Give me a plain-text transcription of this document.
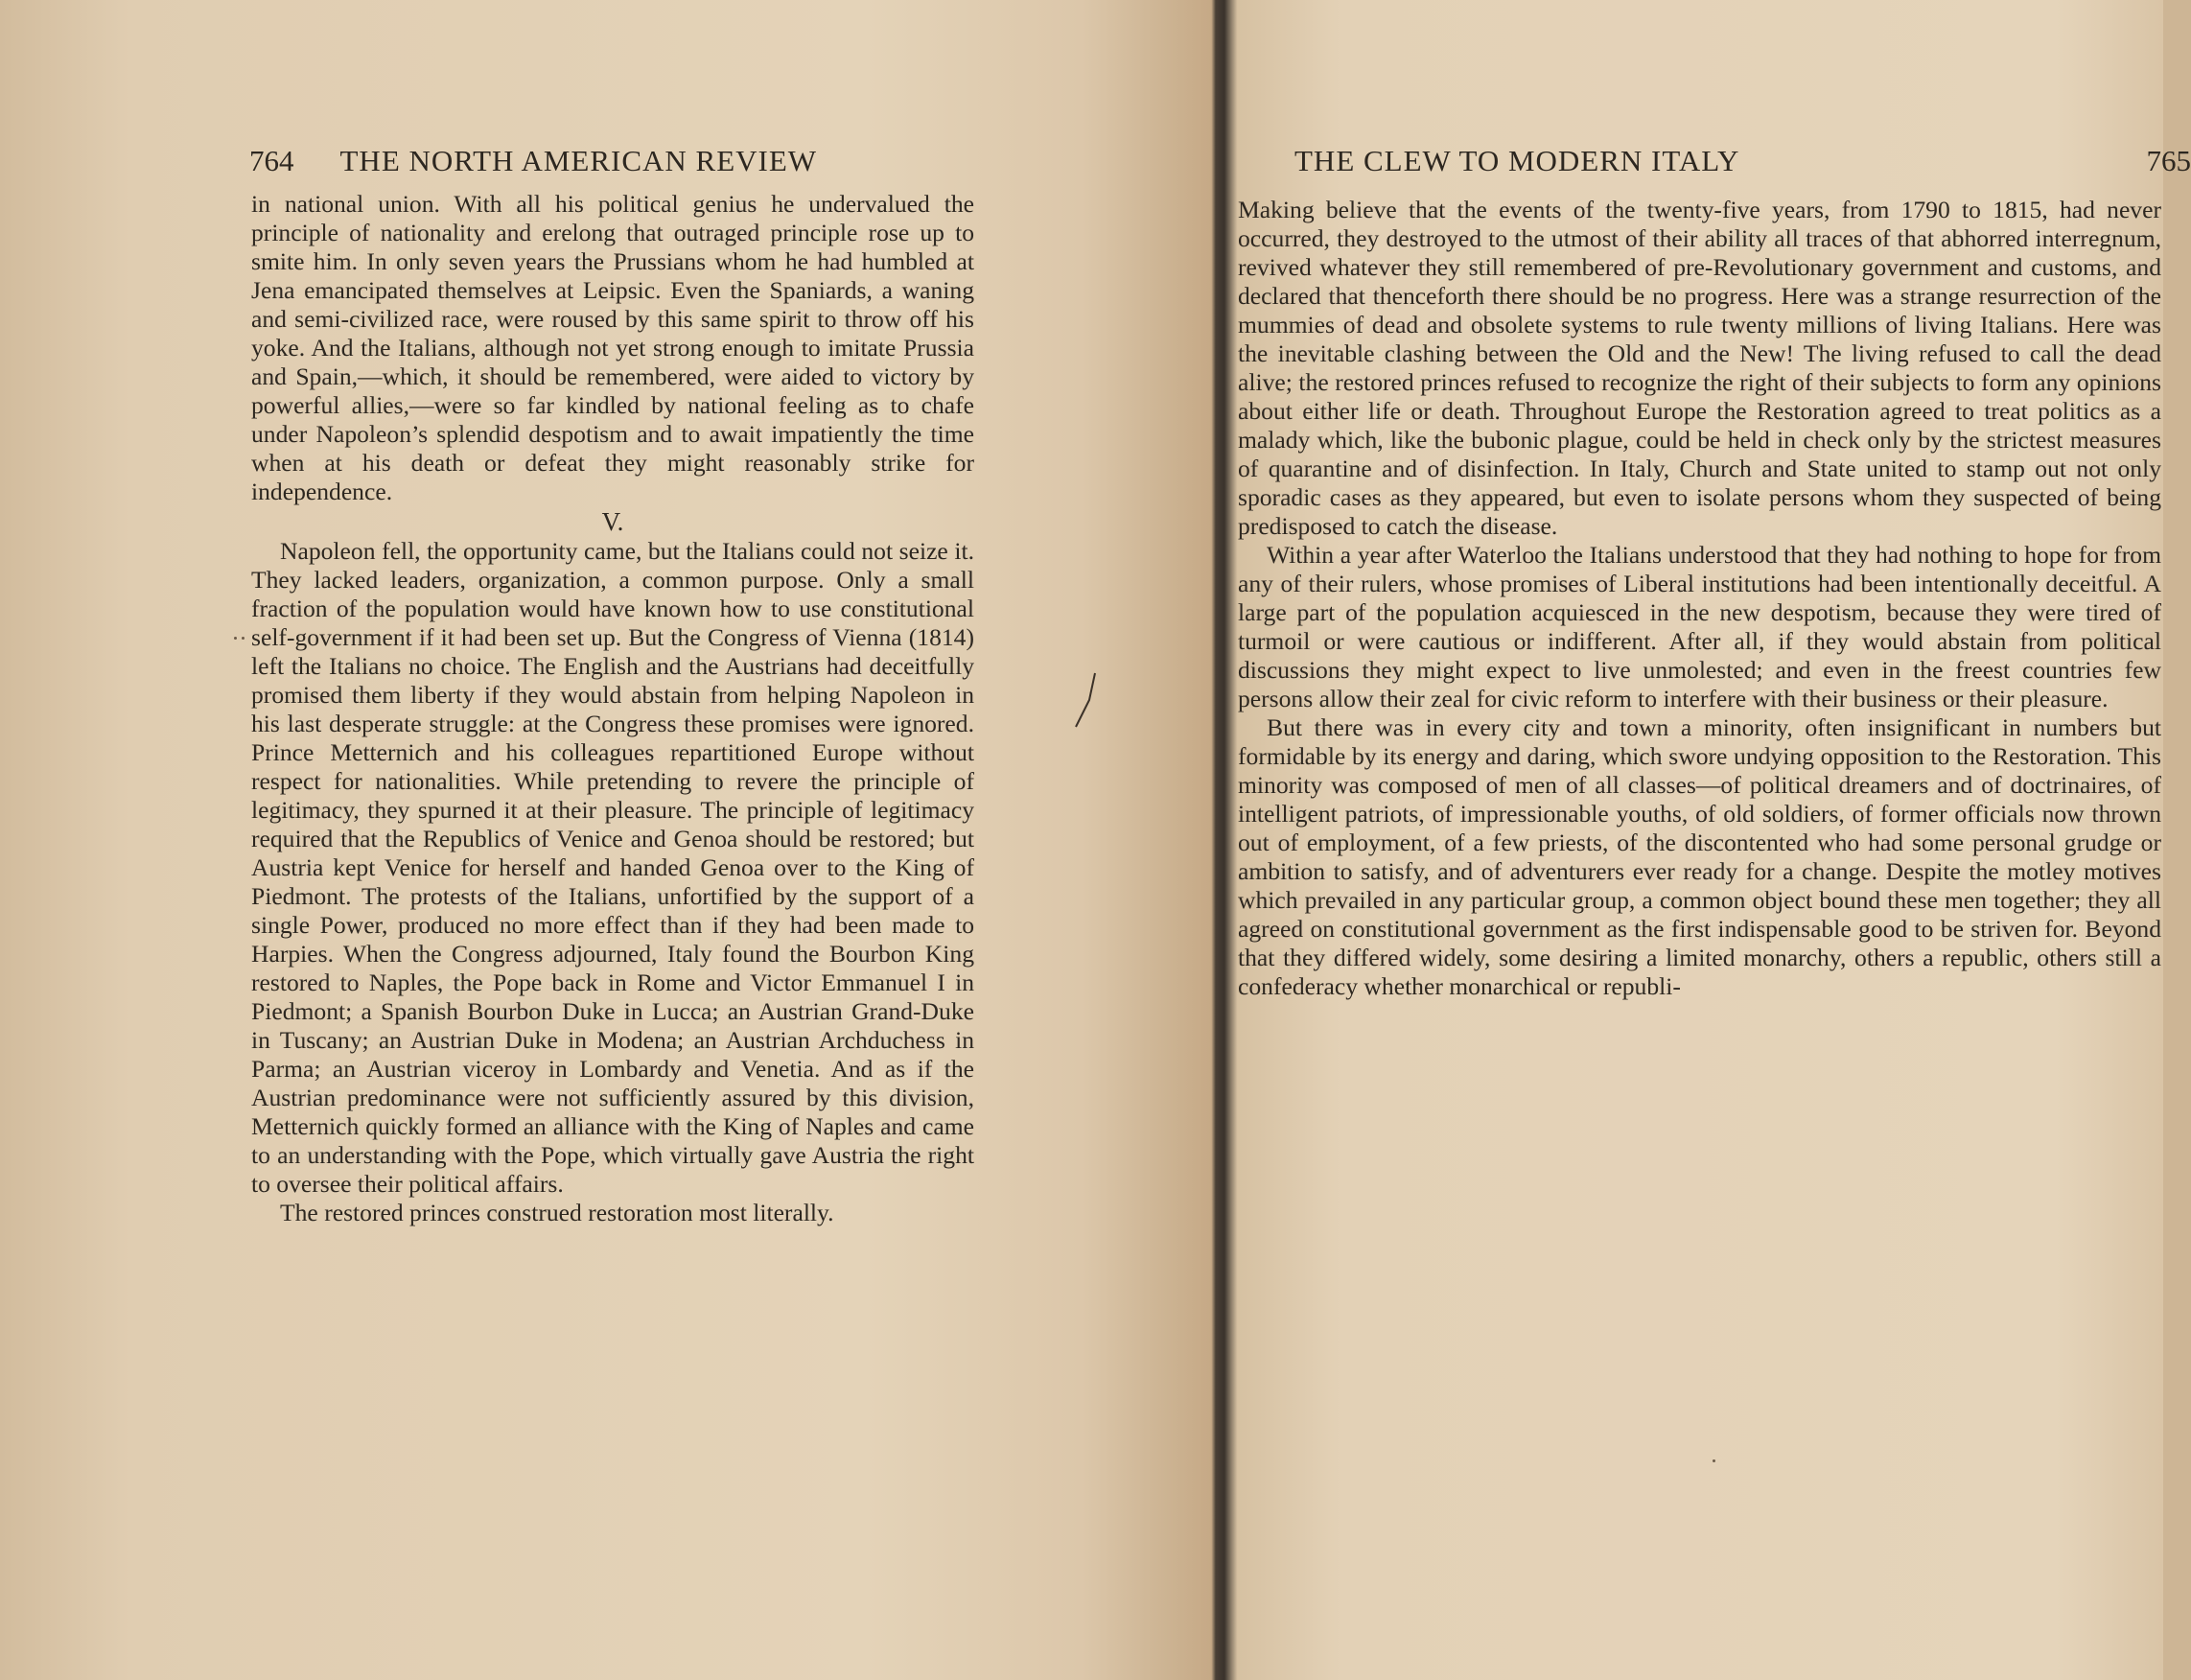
764 THE NORTH AMERICAN REVIEW

in national union. With all his political genius he undervalued the principle of nationality and erelong that outraged principle rose up to smite him. In only seven years the Prussians whom he had humbled at Jena emancipated themselves at Leipsic. Even the Spaniards, a waning and semi-civilized race, were roused by this same spirit to throw off his yoke. And the Italians, although not yet strong enough to imitate Prussia and Spain,—which, it should be remembered, were aided to victory by powerful allies,—were so far kindled by national feeling as to chafe under Napoleon’s splendid despotism and to await impatiently the time when at his death or defeat they might reasonably strike for independence.

V.

Napoleon fell, the opportunity came, but the Italians could not seize it. They lacked leaders, organization, a common purpose. Only a small fraction of the population would have known how to use constitutional self-government if it had been set up. But the Congress of Vienna (1814) left the Italians no choice. The English and the Austrians had deceitfully promised them liberty if they would abstain from helping Napoleon in his last desperate struggle: at the Congress these promises were ignored. Prince Metternich and his colleagues repartitioned Europe without respect for nationalities. While pretending to revere the principle of legitimacy, they spurned it at their pleasure. The principle of legitimacy required that the Republics of Venice and Genoa should be restored; but Austria kept Venice for herself and handed Genoa over to the King of Piedmont. The protests of the Italians, unfortified by the support of a single Power, produced no more effect than if they had been made to Harpies. When the Congress adjourned, Italy found the Bourbon King restored to Naples, the Pope back in Rome and Victor Emmanuel I in Piedmont; a Spanish Bourbon Duke in Lucca; an Austrian Grand-Duke in Tuscany; an Austrian Duke in Modena; an Austrian Archduchess in Parma; an Austrian viceroy in Lombardy and Venetia. And as if the Austrian predominance were not sufficiently assured by this division, Metternich quickly formed an alliance with the King of Naples and came to an understanding with the Pope, which virtually gave Austria the right to oversee their political affairs.

The restored princes construed restoration most literally.

THE CLEW TO MODERN ITALY	765

Making believe that the events of the twenty-five years, from 1790 to 1815, had never occurred, they destroyed to the utmost of their ability all traces of that abhorred interregnum, revived whatever they still remembered of pre-Revolutionary government and customs, and declared that thenceforth there should be no progress. Here was a strange resurrection of the mummies of dead and obsolete systems to rule twenty millions of living Italians. Here was the inevitable clashing between the Old and the New! The living refused to call the dead alive; the restored princes refused to recognize the right of their subjects to form any opinions about either life or death. Throughout Europe the Restoration agreed to treat politics as a malady which, like the bubonic plague, could be held in check only by the strictest measures of quarantine and of disinfection. In Italy, Church and State united to stamp out not only sporadic cases as they appeared, but even to isolate persons whom they suspected of being predisposed to catch the disease.

Within a year after Waterloo the Italians understood that they had nothing to hope for from any of their rulers, whose promises of Liberal institutions had been intentionally deceitful. A large part of the population acquiesced in the new despotism, because they were tired of turmoil or were cautious or indifferent. After all, if they would abstain from political discussions they might expect to live unmolested; and even in the freest countries few persons allow their zeal for civic reform to interfere with their business or their pleasure.

But there was in every city and town a minority, often insignificant in numbers but formidable by its energy and daring, which swore undying opposition to the Restoration. This minority was composed of men of all classes—of political dreamers and of doctrinaires, of intelligent patriots, of impressionable youths, of old soldiers, of former officials now thrown out of employment, of a few priests, of the discontented who had some personal grudge or ambition to satisfy, and of adventurers ever ready for a change. Despite the motley motives which prevailed in any particular group, a common object bound these men together; they all agreed on constitutional government as the first indispensable good to be striven for. Beyond that they differed widely, some desiring a limited monarchy, others a republic, others still a confederacy whether monarchical or republi-
